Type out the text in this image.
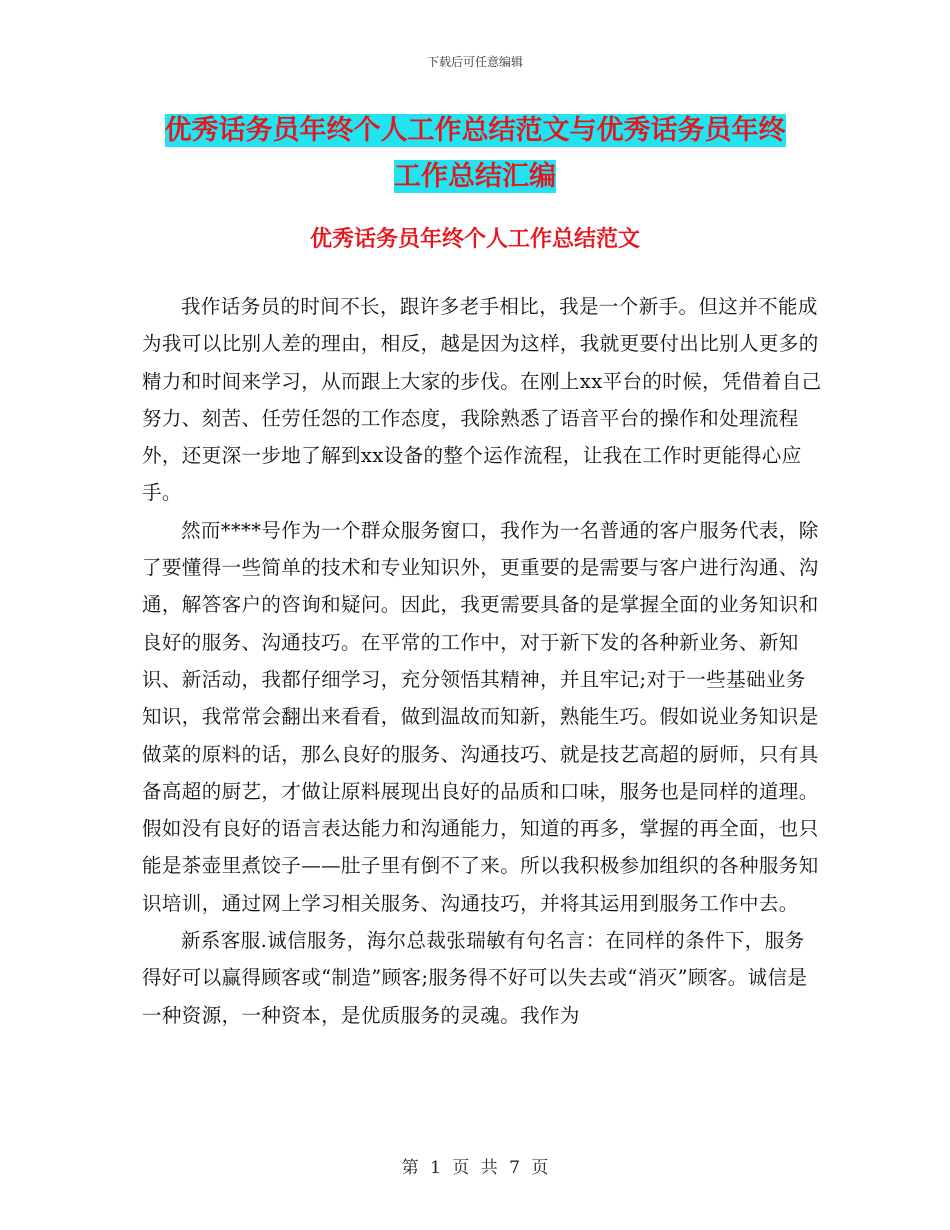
下载后可任意编辑
优秀话务员年终个人工作总结范文与优秀话务员年终
工作总结汇编
优秀话务员年终个人工作总结范文

我作话务员的时间不长，跟许多老手相比，我是一个新手。但这并不能成为我可以比别人差的理由，相反，越是因为这样，我就更要付出比别人更多的精力和时间来学习，从而跟上大家的步伐。在刚上xx平台的时候，凭借着自己努力、刻苦、任劳任怨的工作态度，我除熟悉了语音平台的操作和处理流程外，还更深一步地了解到xx设备的整个运作流程，让我在工作时更能得心应手。

然而****号作为一个群众服务窗口，我作为一名普通的客户服务代表，除了要懂得一些简单的技术和专业知识外，更重要的是需要与客户进行沟通、沟通，解答客户的咨询和疑问。因此，我更需要具备的是掌握全面的业务知识和良好的服务、沟通技巧。在平常的工作中，对于新下发的各种新业务、新知识、新活动，我都仔细学习，充分领悟其精神，并且牢记;对于一些基础业务知识，我常常会翻出来看看，做到温故而知新，熟能生巧。假如说业务知识是做菜的原料的话，那么良好的服务、沟通技巧、就是技艺高超的厨师，只有具备高超的厨艺，才做让原料展现出良好的品质和口味，服务也是同样的道理。假如没有良好的语言表达能力和沟通能力，知道的再多，掌握的再全面，也只能是茶壶里煮饺子——肚子里有倒不了来。所以我积极参加组织的各种服务知识培训，通过网上学习相关服务、沟通技巧，并将其运用到服务工作中去。

新系客服.诚信服务，海尔总裁张瑞敏有句名言：在同样的条件下，服务得好可以赢得顾客或“制造”顾客;服务得不好可以失去或“消灭”顾客。诚信是一种资源，一种资本，是优质服务的灵魂。我作为

第 1 页 共 7 页
